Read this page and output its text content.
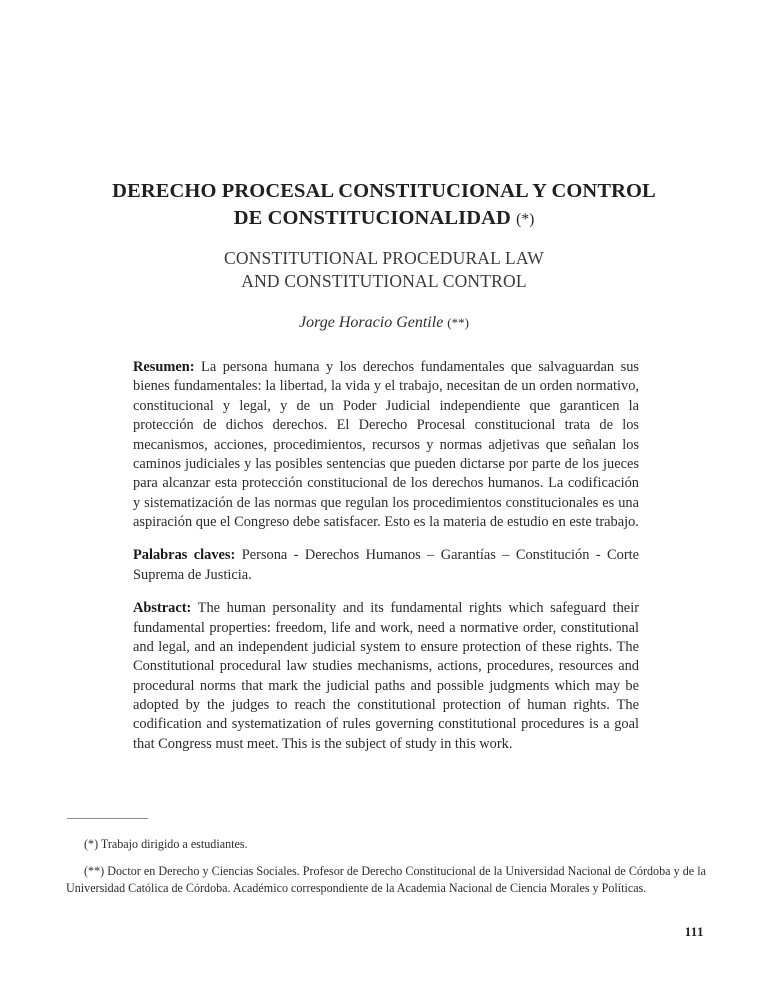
DERECHO PROCESAL CONSTITUCIONAL Y CONTROL
DE CONSTITUCIONALIDAD (*)
CONSTITUTIONAL PROCEDURAL LAW
AND CONSTITUTIONAL CONTROL
Jorge Horacio Gentile (**)

Resumen: La persona humana y los derechos fundamentales que salvaguardan sus bienes fundamentales: la libertad, la vida y el trabajo, necesitan de un orden normativo, constitucional y legal, y de un Poder Judicial independiente que garanticen la protección de dichos derechos. El Derecho Procesal constitucional trata de los mecanismos, acciones, procedimientos, recursos y normas adjetivas que señalan los caminos judiciales y las posibles sentencias que pueden dictarse por parte de los jueces para alcanzar esta protección constitucional de los derechos humanos. La codificación y sistematización de las normas que regulan los procedimientos constitucionales es una aspiración que el Congreso debe satisfacer. Esto es la materia de estudio en este trabajo.

Palabras claves: Persona - Derechos Humanos – Garantías – Constitución - Corte Suprema de Justicia.

Abstract: The human personality and its fundamental rights which safeguard their fundamental properties: freedom, life and work, need a normative order, constitutional and legal, and an independent judicial system to ensure protection of these rights. The Constitutional procedural law studies mechanisms, actions, procedures, resources and procedural norms that mark the judicial paths and possible judgments which may be adopted by the judges to reach the constitutional protection of human rights. The codification and systematization of rules governing constitutional procedures is a goal that Congress must meet. This is the subject of study in this work.

(*) Trabajo dirigido a estudiantes.

(**) Doctor en Derecho y Ciencias Sociales. Profesor de Derecho Constitucional de la Universidad Nacional de Córdoba y de la Universidad Católica de Córdoba. Académico correspondiente de la Academia Nacional de Ciencia Morales y Políticas.

111
